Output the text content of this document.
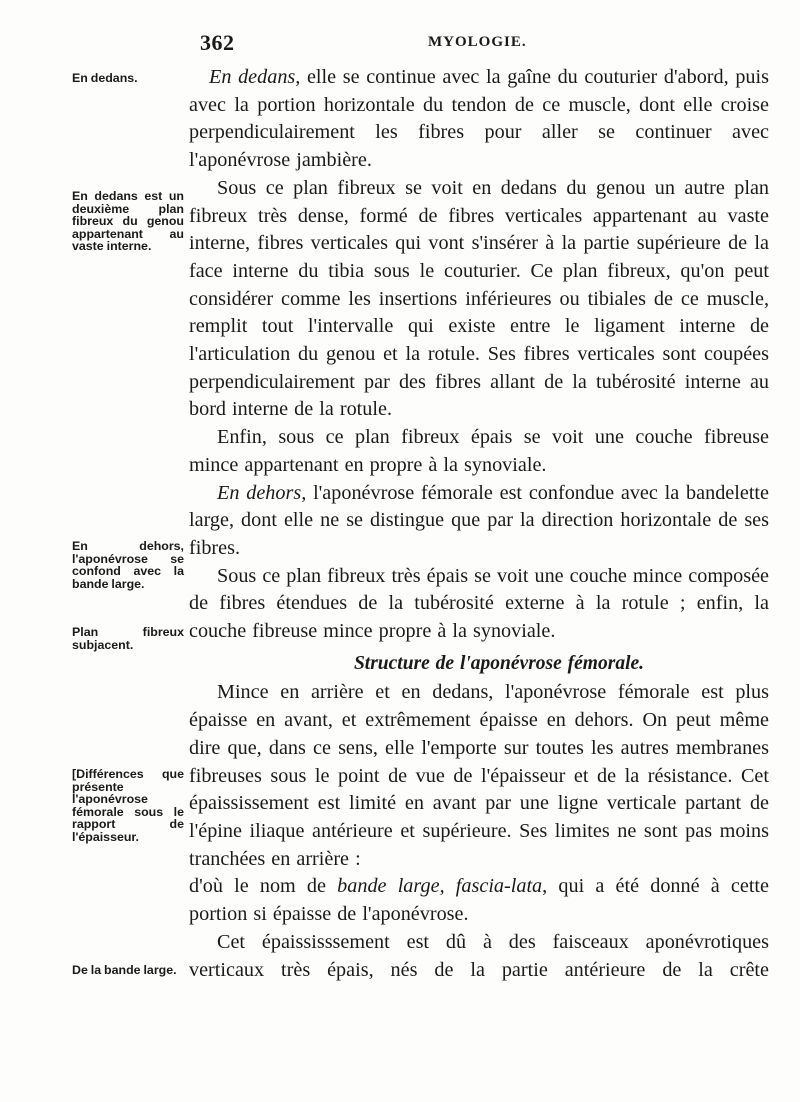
362	MYOLOGIE.
En dedans.
En dedans est un deuxième plan fibreux du genou appartenant au vaste interne.
En dehors, l'aponévrose se confond avec la bande large.
Plan fibreux subjacent.
[Différences que présente l'aponévrose fémorale sous le rapport de l'épaisseur.
De la bande large.

En dedans, elle se continue avec la gaîne du couturier d'abord, puis avec la portion horizontale du tendon de ce muscle, dont elle croise perpendiculairement les fibres pour aller se continuer avec l'aponévrose jambière.

Sous ce plan fibreux se voit en dedans du genou un autre plan fibreux très dense, formé de fibres verticales appartenant au vaste interne, fibres verticales qui vont s'insérer à la partie supérieure de la face interne du tibia sous le couturier. Ce plan fibreux, qu'on peut considérer comme les insertions inférieures ou tibiales de ce muscle, remplit tout l'intervalle qui existe entre le ligament interne de l'articulation du genou et la rotule. Ses fibres verticales sont coupées perpendiculairement par des fibres allant de la tubérosité interne au bord interne de la rotule.

Enfin, sous ce plan fibreux épais se voit une couche fibreuse mince appartenant en propre à la synoviale.

En dehors, l'aponévrose fémorale est confondue avec la bandelette large, dont elle ne se distingue que par la direction horizontale de ses fibres.

Sous ce plan fibreux très épais se voit une couche mince composée de fibres étendues de la tubérosité externe à la rotule ; enfin, la couche fibreuse mince propre à la synoviale.

Structure de l'aponévrose fémorale.

Mince en arrière et en dedans, l'aponévrose fémorale est plus épaisse en avant, et extrêmement épaisse en dehors. On peut même dire que, dans ce sens, elle l'emporte sur toutes les autres membranes fibreuses sous le point de vue de l'épaisseur et de la résistance. Cet épaississement est limité en avant par une ligne verticale partant de l'épine iliaque antérieure et supérieure. Ses limites ne sont pas moins tranchées en arrière :

d'où le nom de bande large, fascia-lata, qui a été donné à cette portion si épaisse de l'aponévrose.

Cet épaississsement est dû à des faisceaux aponévrotiques verticaux très épais, nés de la partie antérieure de la crête
